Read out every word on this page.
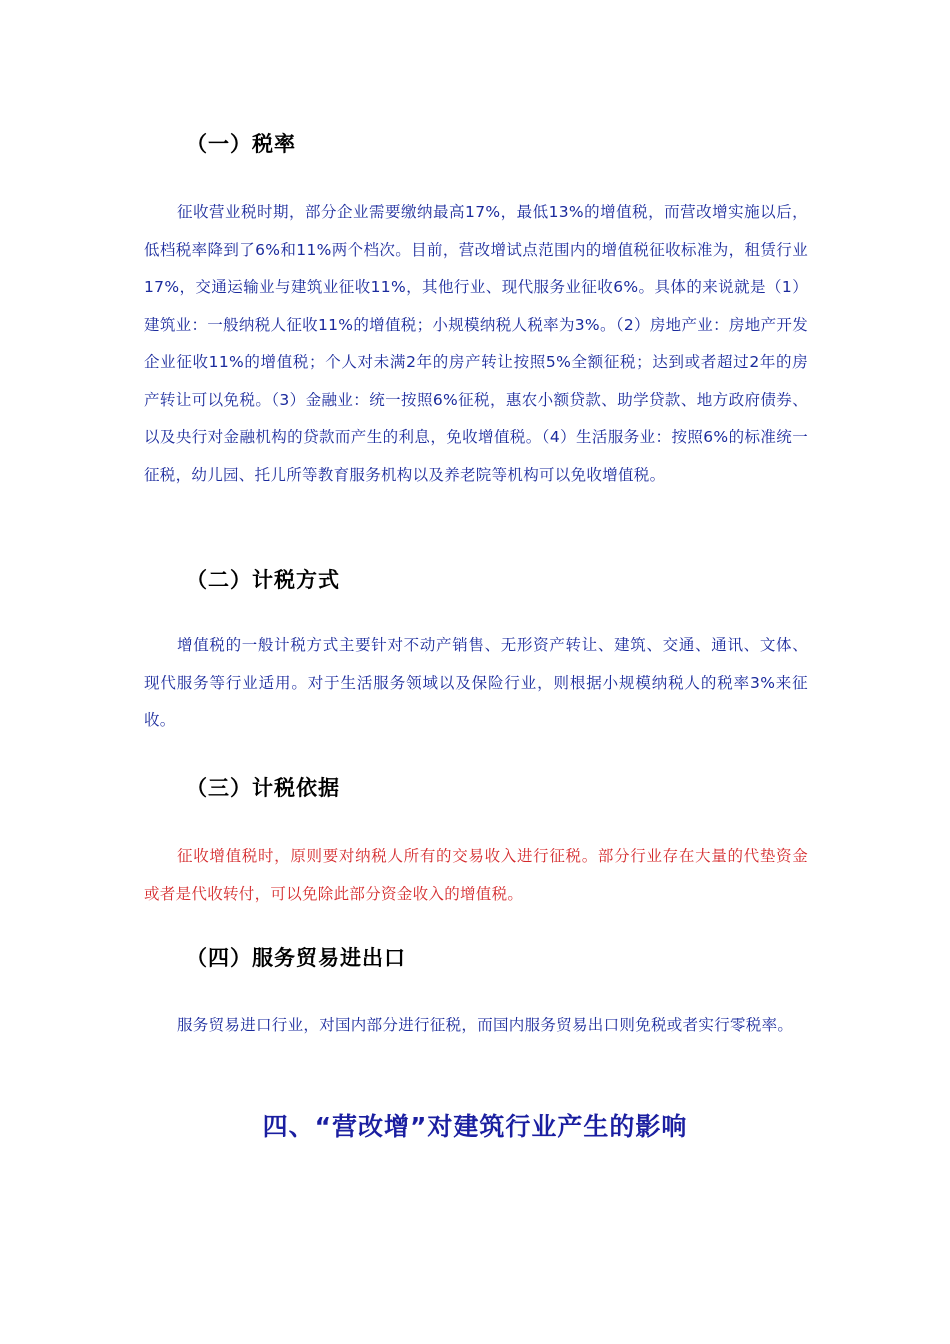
（一）税率

征收营业税时期，部分企业需要缴纳最高17%，最低13%的增值税，而营改增实施以后，低档税率降到了6%和11%两个档次。目前，营改增试点范围内的增值税征收标准为，租赁行业17%，交通运输业与建筑业征收11%，其他行业、现代服务业征收6%。具体的来说就是（1）建筑业：一般纳税人征收11%的增值税；小规模纳税人税率为3%。（2）房地产业：房地产开发企业征收11%的增值税；个人对未满2年的房产转让按照5%全额征税；达到或者超过2年的房产转让可以免税。（3）金融业：统一按照6%征税，惠农小额贷款、助学贷款、地方政府债券、以及央行对金融机构的贷款而产生的利息，免收增值税。（4）生活服务业：按照6%的标准统一征税，幼儿园、托儿所等教育服务机构以及养老院等机构可以免收增值税。

（二）计税方式

增值税的一般计税方式主要针对不动产销售、无形资产转让、建筑、交通、通讯、文体、现代服务等行业适用。对于生活服务领域以及保险行业，则根据小规模纳税人的税率3%来征收。

（三）计税依据

征收增值税时，原则要对纳税人所有的交易收入进行征税。部分行业存在大量的代垫资金或者是代收转付，可以免除此部分资金收入的增值税。

（四）服务贸易进出口

服务贸易进口行业，对国内部分进行征税，而国内服务贸易出口则免税或者实行零税率。

四、“营改增”对建筑行业产生的影响
